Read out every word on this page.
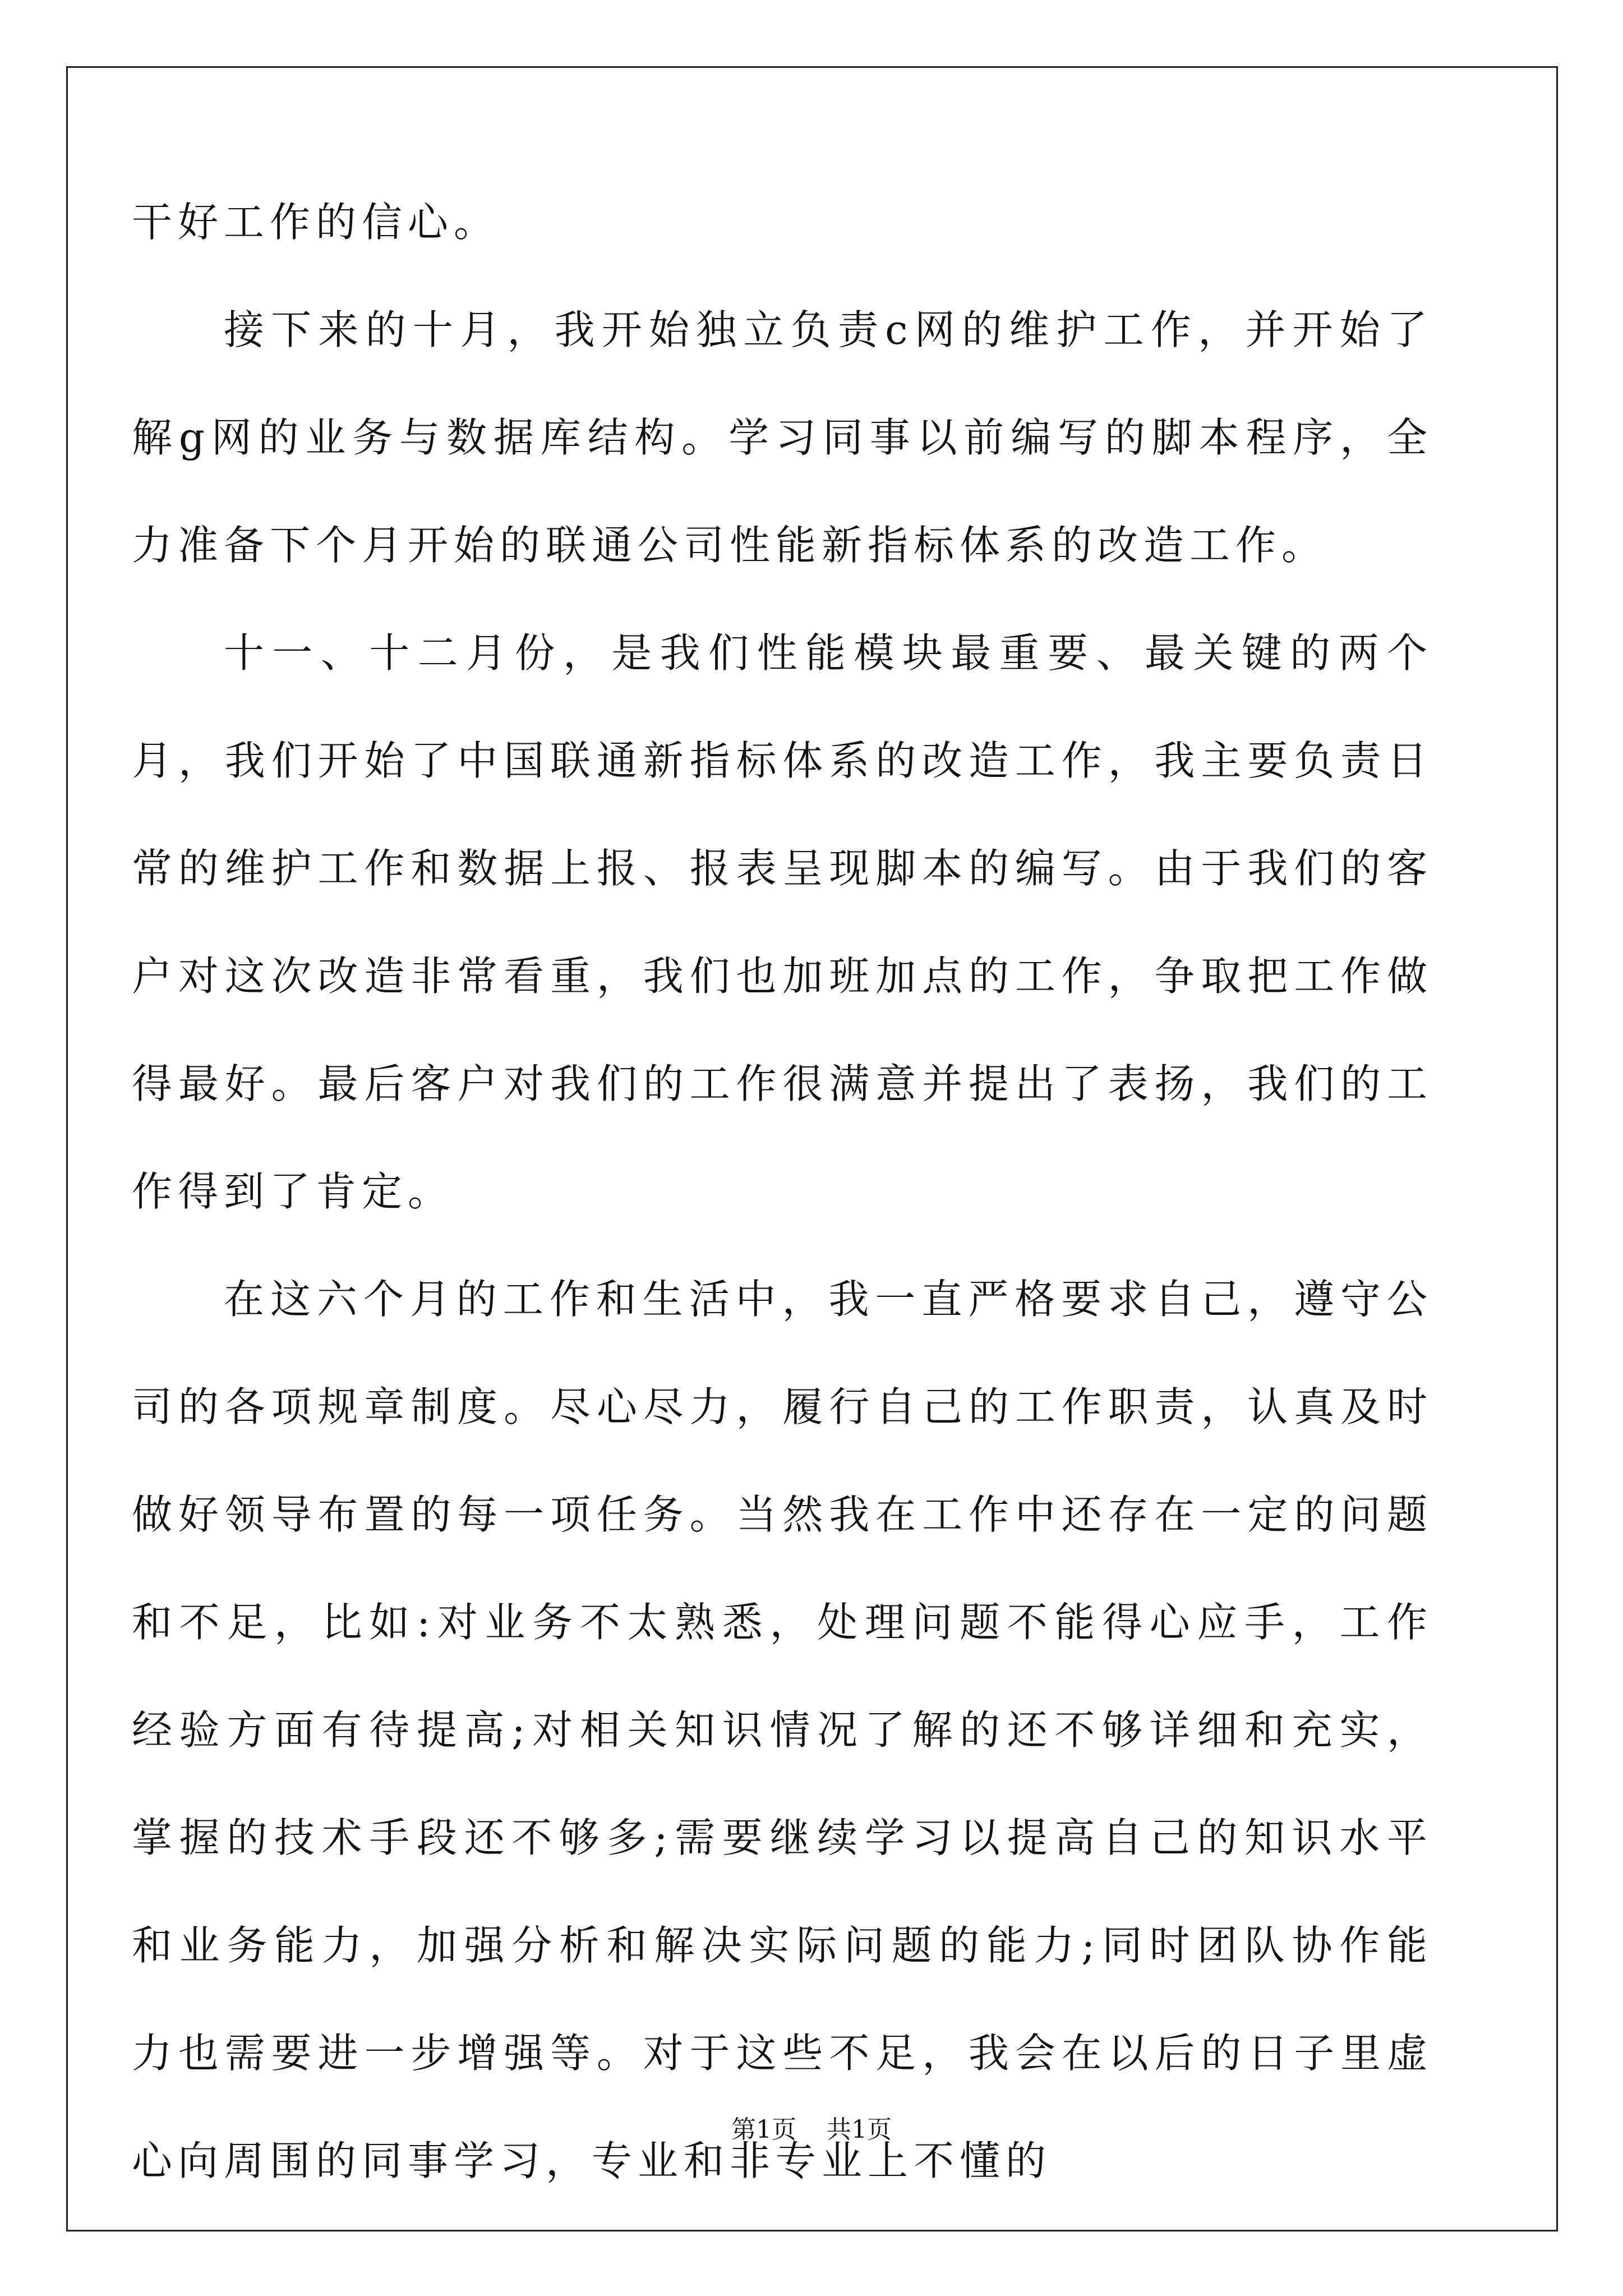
干好工作的信心。

接下来的十月，我开始独立负责c网的维护工作，并开始了解g网的业务与数据库结构。学习同事以前编写的脚本程序，全力准备下个月开始的联通公司性能新指标体系的改造工作。

十一、十二月份，是我们性能模块最重要、最关键的两个月，我们开始了中国联通新指标体系的改造工作，我主要负责日常的维护工作和数据上报、报表呈现脚本的编写。由于我们的客户对这次改造非常看重，我们也加班加点的工作，争取把工作做得最好。最后客户对我们的工作很满意并提出了表扬，我们的工作得到了肯定。

在这六个月的工作和生活中，我一直严格要求自己，遵守公司的各项规章制度。尽心尽力，履行自己的工作职责，认真及时做好领导布置的每一项任务。当然我在工作中还存在一定的问题和不足，比如:对业务不太熟悉，处理问题不能得心应手，工作经验方面有待提高;对相关知识情况了解的还不够详细和充实，掌握的技术手段还不够多;需要继续学习以提高自己的知识水平和业务能力，加强分析和解决实际问题的能力;同时团队协作能力也需要进一步增强等。对于这些不足，我会在以后的日子里虚心向周围的同事学习，专业和非专业上不懂的

第1页 共1页
